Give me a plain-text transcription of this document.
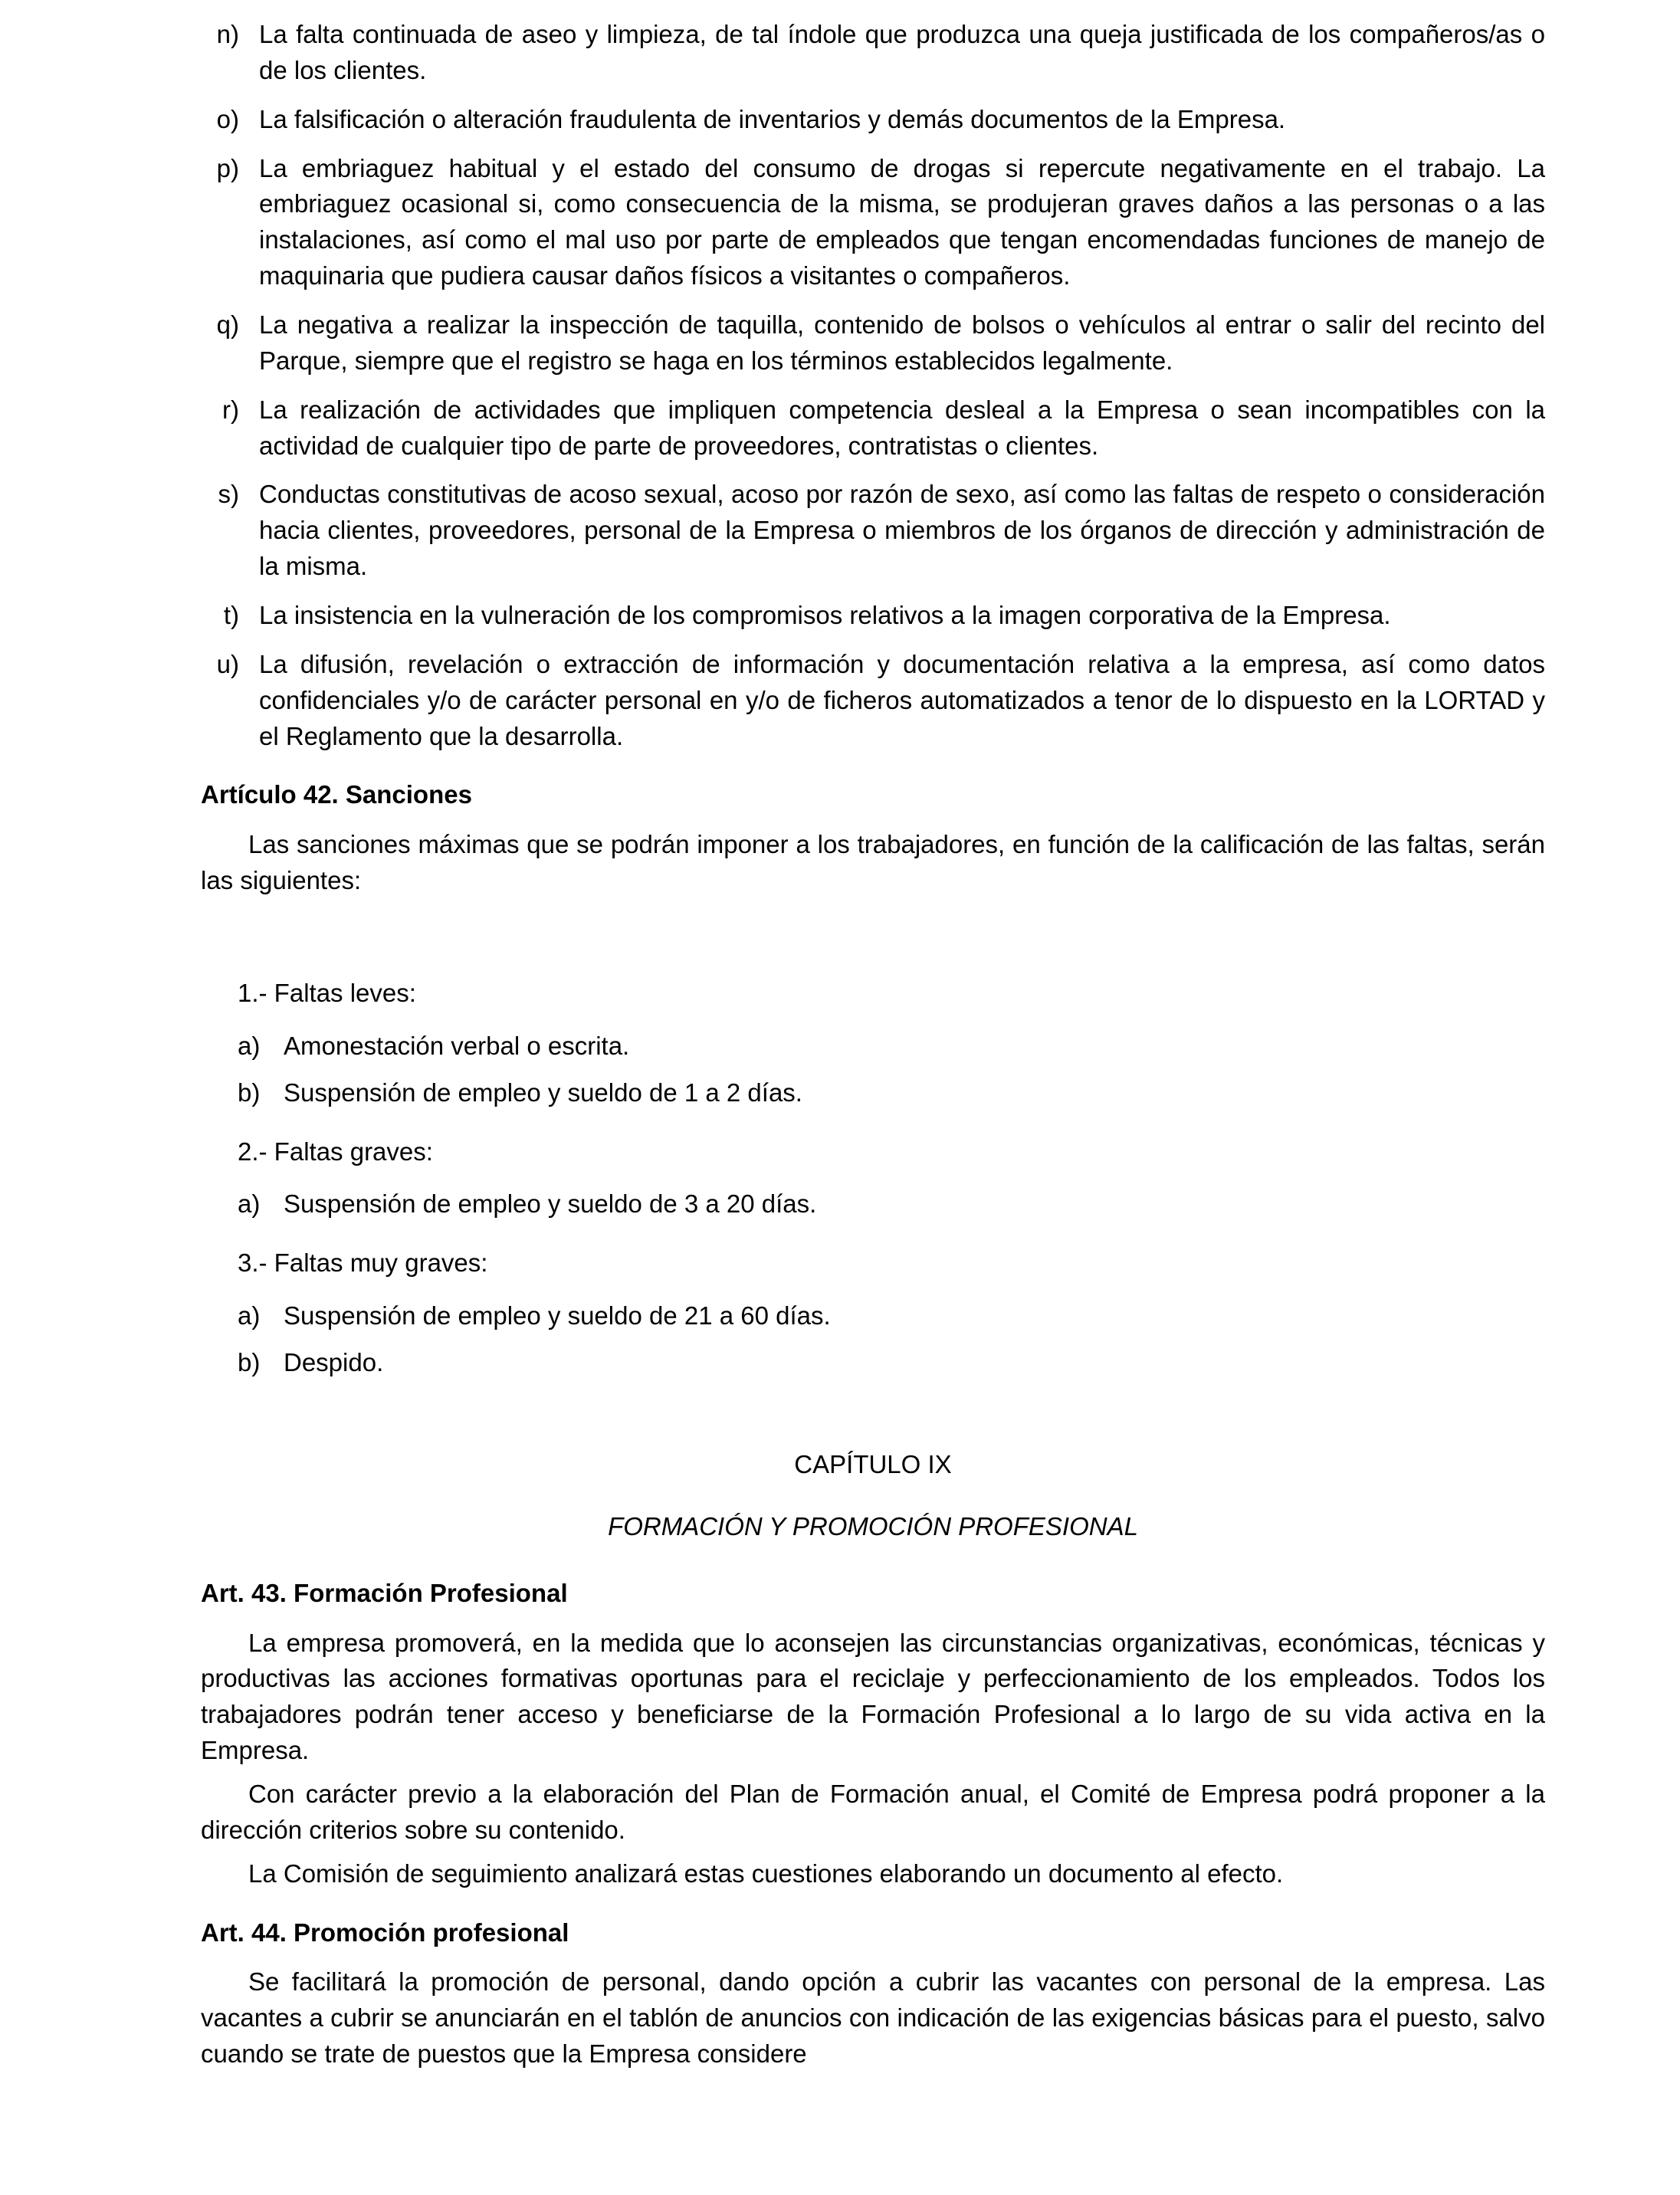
n) La falta continuada de aseo y limpieza, de tal índole que produzca una queja justificada de los compañeros/as o de los clientes.
o) La falsificación o alteración fraudulenta de inventarios y demás documentos de la Empresa.
p) La embriaguez habitual y el estado del consumo de drogas si repercute negativamente en el trabajo. La embriaguez ocasional si, como consecuencia de la misma, se produjeran graves daños a las personas o a las instalaciones, así como el mal uso por parte de empleados que tengan encomendadas funciones de manejo de maquinaria que pudiera causar daños físicos a visitantes o compañeros.
q) La negativa a realizar la inspección de taquilla, contenido de bolsos o vehículos al entrar o salir del recinto del Parque, siempre que el registro se haga en los términos establecidos legalmente.
r) La realización de actividades que impliquen competencia desleal a la Empresa o sean incompatibles con la actividad de cualquier tipo de parte de proveedores, contratistas o clientes.
s) Conductas constitutivas de acoso sexual, acoso por razón de sexo, así como las faltas de respeto o consideración hacia clientes, proveedores, personal de la Empresa o miembros de los órganos de dirección y administración de la misma.
t) La insistencia en la vulneración de los compromisos relativos a la imagen corporativa de la Empresa.
u) La difusión, revelación o extracción de información y documentación relativa a la empresa, así como datos confidenciales y/o de carácter personal en y/o de ficheros automatizados a tenor de lo dispuesto en la LORTAD y el Reglamento que la desarrolla.
Artículo 42. Sanciones

Las sanciones máximas que se podrán imponer a los trabajadores, en función de la calificación de las faltas, serán las siguientes:

1.- Faltas leves:
a) Amonestación verbal o escrita.
b) Suspensión de empleo y sueldo de 1 a 2 días.
2.- Faltas graves:
a) Suspensión de empleo y sueldo de 3 a 20 días.
3.- Faltas muy graves:
a) Suspensión de empleo y sueldo de 21 a 60 días.
b) Despido.

CAPÍTULO IX

FORMACIÓN Y PROMOCIÓN PROFESIONAL

Art. 43. Formación Profesional

La empresa promoverá, en la medida que lo aconsejen las circunstancias organizativas, económicas, técnicas y productivas las acciones formativas oportunas para el reciclaje y perfeccionamiento de los empleados. Todos los trabajadores podrán tener acceso y beneficiarse de la Formación Profesional a lo largo de su vida activa en la Empresa.

Con carácter previo a la elaboración del Plan de Formación anual, el Comité de Empresa podrá proponer a la dirección criterios sobre su contenido.

La Comisión de seguimiento analizará estas cuestiones elaborando un documento al efecto.

Art. 44. Promoción profesional

Se facilitará la promoción de personal, dando opción a cubrir las vacantes con personal de la empresa. Las vacantes a cubrir se anunciarán en el tablón de anuncios con indicación de las exigencias básicas para el puesto, salvo cuando se trate de puestos que la Empresa considere
